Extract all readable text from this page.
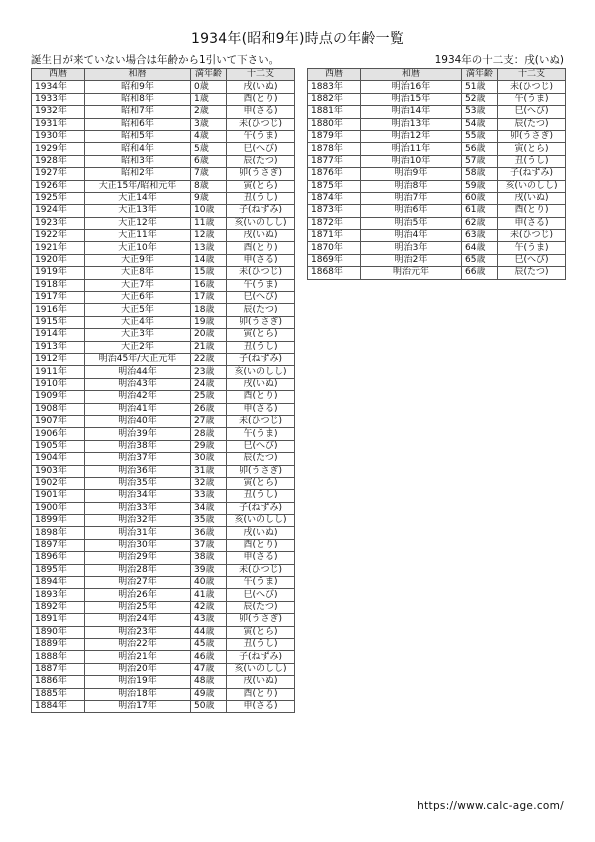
1934年(昭和9年)時点の年齢一覧
誕生日が来ていない場合は年齢から1引いて下さい。	1934年の十二支：戌(いぬ)
西暦	和暦	満年齢	十二支
1934年	昭和9年	0歳	戌(いぬ)
1933年	昭和8年	1歳	酉(とり)
1932年	昭和7年	2歳	申(さる)
1931年	昭和6年	3歳	未(ひつじ)
1930年	昭和5年	4歳	午(うま)
1929年	昭和4年	5歳	巳(へび)
1928年	昭和3年	6歳	辰(たつ)
1927年	昭和2年	7歳	卯(うさぎ)
1926年	大正15年/昭和元年	8歳	寅(とら)
1925年	大正14年	9歳	丑(うし)
1924年	大正13年	10歳	子(ねずみ)
1923年	大正12年	11歳	亥(いのしし)
1922年	大正11年	12歳	戌(いぬ)
1921年	大正10年	13歳	酉(とり)
1920年	大正9年	14歳	申(さる)
1919年	大正8年	15歳	未(ひつじ)
1918年	大正7年	16歳	午(うま)
1917年	大正6年	17歳	巳(へび)
1916年	大正5年	18歳	辰(たつ)
1915年	大正4年	19歳	卯(うさぎ)
1914年	大正3年	20歳	寅(とら)
1913年	大正2年	21歳	丑(うし)
1912年	明治45年/大正元年	22歳	子(ねずみ)
1911年	明治44年	23歳	亥(いのしし)
1910年	明治43年	24歳	戌(いぬ)
1909年	明治42年	25歳	酉(とり)
1908年	明治41年	26歳	申(さる)
1907年	明治40年	27歳	未(ひつじ)
1906年	明治39年	28歳	午(うま)
1905年	明治38年	29歳	巳(へび)
1904年	明治37年	30歳	辰(たつ)
1903年	明治36年	31歳	卯(うさぎ)
1902年	明治35年	32歳	寅(とら)
1901年	明治34年	33歳	丑(うし)
1900年	明治33年	34歳	子(ねずみ)
1899年	明治32年	35歳	亥(いのしし)
1898年	明治31年	36歳	戌(いぬ)
1897年	明治30年	37歳	酉(とり)
1896年	明治29年	38歳	申(さる)
1895年	明治28年	39歳	未(ひつじ)
1894年	明治27年	40歳	午(うま)
1893年	明治26年	41歳	巳(へび)
1892年	明治25年	42歳	辰(たつ)
1891年	明治24年	43歳	卯(うさぎ)
1890年	明治23年	44歳	寅(とら)
1889年	明治22年	45歳	丑(うし)
1888年	明治21年	46歳	子(ねずみ)
1887年	明治20年	47歳	亥(いのしし)
1886年	明治19年	48歳	戌(いぬ)
1885年	明治18年	49歳	酉(とり)
1884年	明治17年	50歳	申(さる)
西暦	和暦	満年齢	十二支
1883年	明治16年	51歳	未(ひつじ)
1882年	明治15年	52歳	午(うま)
1881年	明治14年	53歳	巳(へび)
1880年	明治13年	54歳	辰(たつ)
1879年	明治12年	55歳	卯(うさぎ)
1878年	明治11年	56歳	寅(とら)
1877年	明治10年	57歳	丑(うし)
1876年	明治9年	58歳	子(ねずみ)
1875年	明治8年	59歳	亥(いのしし)
1874年	明治7年	60歳	戌(いぬ)
1873年	明治6年	61歳	酉(とり)
1872年	明治5年	62歳	申(さる)
1871年	明治4年	63歳	未(ひつじ)
1870年	明治3年	64歳	午(うま)
1869年	明治2年	65歳	巳(へび)
1868年	明治元年	66歳	辰(たつ)
https://www.calc-age.com/
